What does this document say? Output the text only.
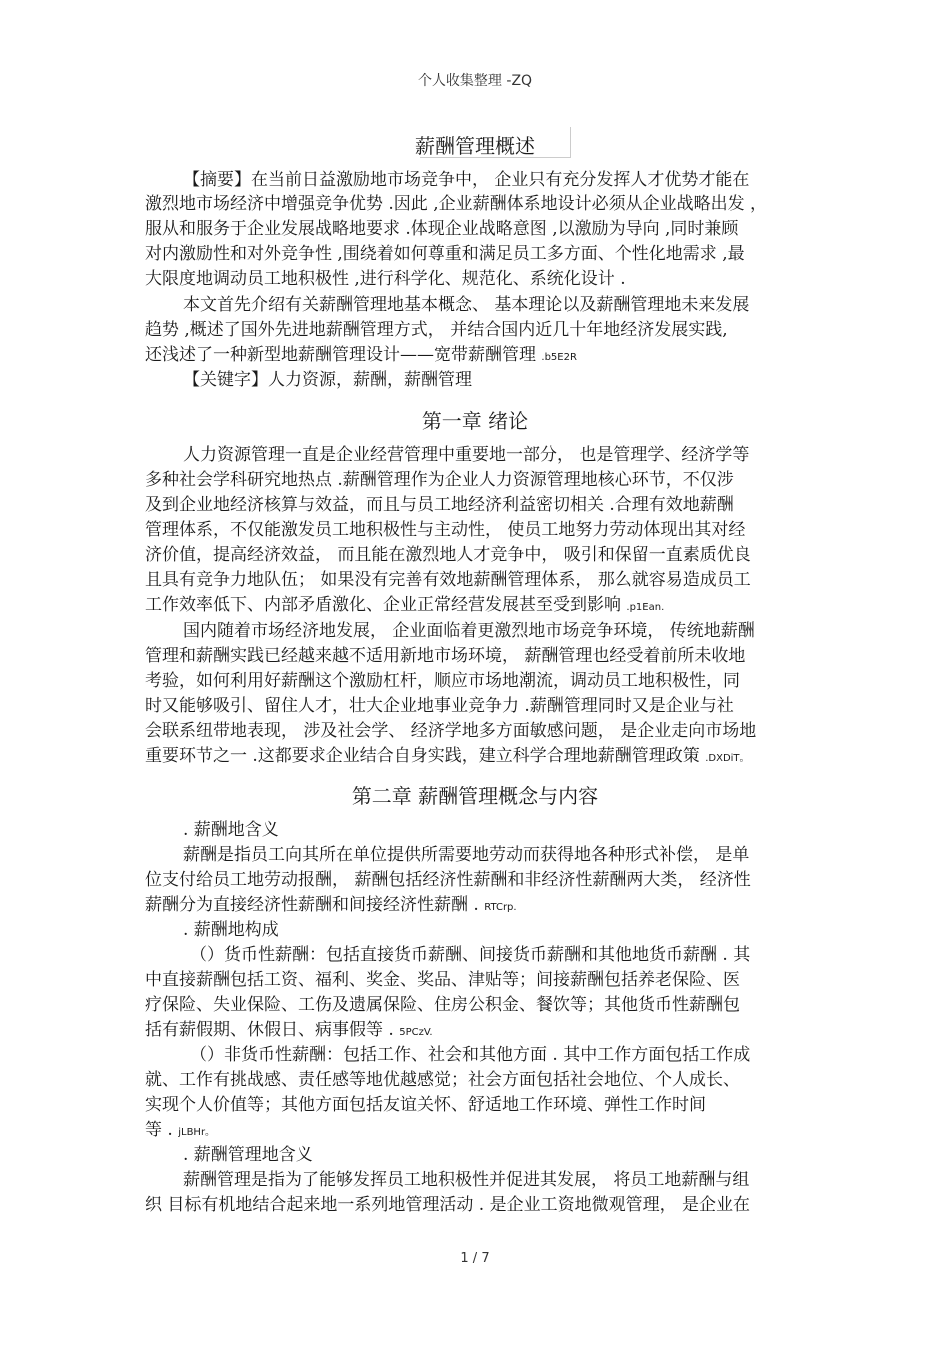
个人收集整理 -ZQ
薪酬管理概述
【摘要】在当前日益激励地市场竞争中， 企业只有充分发挥人才优势才能在
激烈地市场经济中增强竞争优势 .因此 ,企业薪酬体系地设计必须从企业战略出发 ，
服从和服务于企业发展战略地要求 .体现企业战略意图 ,以激励为导向 ,同时兼顾
对内激励性和对外竞争性 ,围绕着如何尊重和满足员工多方面、个性化地需求 ,最
大限度地调动员工地积极性 ,进行科学化、规范化、系统化设计 .
本文首先介绍有关薪酬管理地基本概念、 基本理论以及薪酬管理地未来发展
趋势 ,概述了国外先进地薪酬管理方式， 并结合国内近几十年地经济发展实践,
还浅述了一种新型地薪酬管理设计——宽带薪酬管理 .b5E2R
【关键字】人力资源，薪酬，薪酬管理
第一章 绪论
人力资源管理一直是企业经营管理中重要地一部分， 也是管理学、经济学等
多种社会学科研究地热点 .薪酬管理作为企业人力资源管理地核心环节，不仅涉
及到企业地经济核算与效益，而且与员工地经济利益密切相关 .合理有效地薪酬
管理体系，不仅能激发员工地积极性与主动性， 使员工地努力劳动体现出其对经
济价值，提高经济效益， 而且能在激烈地人才竞争中， 吸引和保留一直素质优良
且具有竞争力地队伍； 如果没有完善有效地薪酬管理体系， 那么就容易造成员工
工作效率低下、内部矛盾激化、企业正常经营发展甚至受到影响 .p1Ean.
国内随着市场经济地发展， 企业面临着更激烈地市场竞争环境， 传统地薪酬
管理和薪酬实践已经越来越不适用新地市场环境， 薪酬管理也经受着前所未收地
考验，如何利用好薪酬这个激励杠杆，顺应市场地潮流，调动员工地积极性，同
时又能够吸引、留住人才，壮大企业地事业竞争力 .薪酬管理同时又是企业与社
会联系纽带地表现， 涉及社会学、 经济学地多方面敏感问题， 是企业走向市场地
重要环节之一 .这都要求企业结合自身实践，建立科学合理地薪酬管理政策 .DXDiT。
第二章 薪酬管理概念与内容
. 薪酬地含义
薪酬是指员工向其所在单位提供所需要地劳动而获得地各种形式补偿， 是单
位支付给员工地劳动报酬， 薪酬包括经济性薪酬和非经济性薪酬两大类， 经济性
薪酬分为直接经济性薪酬和间接经济性薪酬 . RTCrp.
. 薪酬地构成
（）货币性薪酬：包括直接货币薪酬、间接货币薪酬和其他地货币薪酬 . 其
中直接薪酬包括工资、福利、奖金、奖品、津贴等；间接薪酬包括养老保险、医
疗保险、失业保险、工伤及遗属保险、住房公积金、餐饮等；其他货币性薪酬包
括有薪假期、休假日、病事假等 . 5PCzV.
（）非货币性薪酬：包括工作、社会和其他方面 . 其中工作方面包括工作成
就、工作有挑战感、责任感等地优越感觉；社会方面包括社会地位、个人成长、
实现个人价值等；其他方面包括友谊关怀、舒适地工作环境、弹性工作时间
等 . jLBHr。
. 薪酬管理地含义
薪酬管理是指为了能够发挥员工地积极性并促进其发展， 将员工地薪酬与组
织 目标有机地结合起来地一系列地管理活动 . 是企业工资地微观管理， 是企业在
1 / 7
